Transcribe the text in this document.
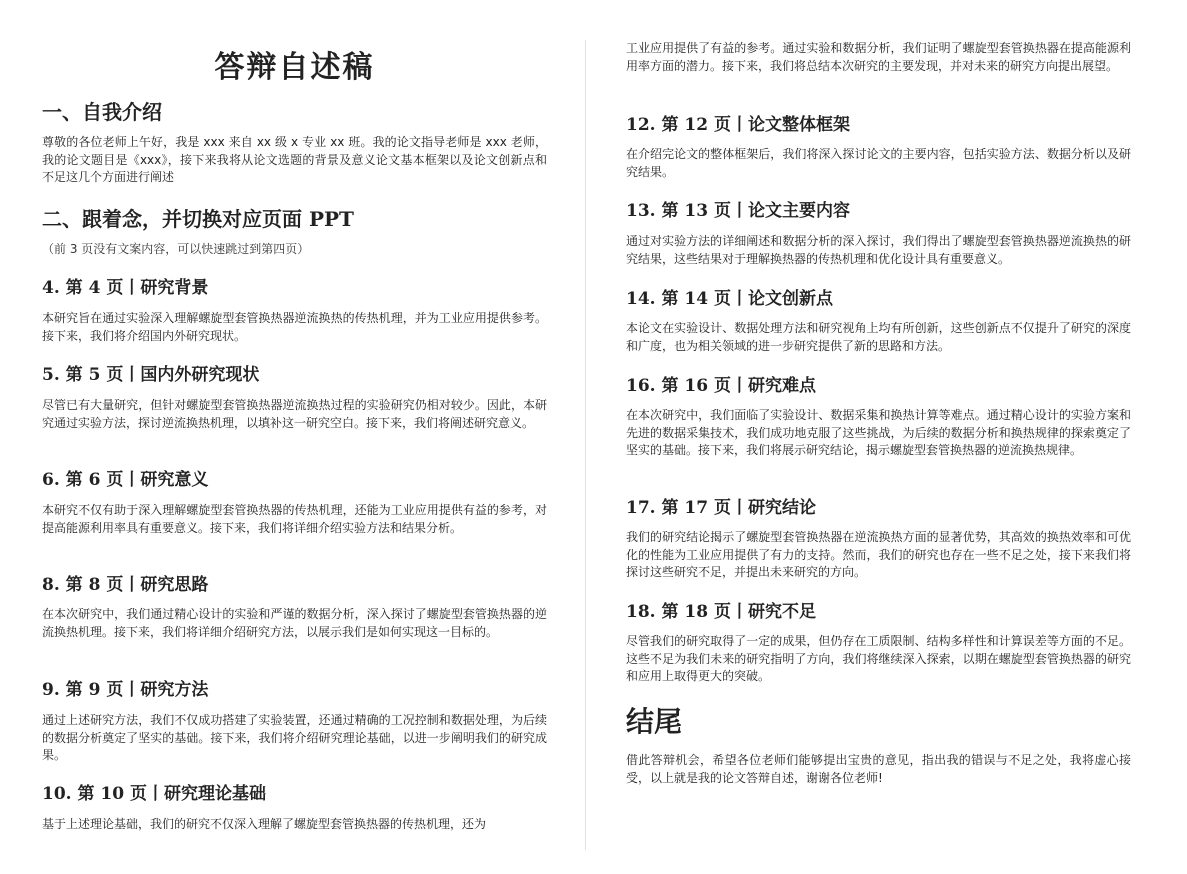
答辩自述稿
一、自我介绍
尊敬的各位老师上午好，我是 xxx 来自 xx 级 x 专业 xx 班。我的论文指导老师是 xxx 老师，我的论文题目是《xxx》，接下来我将从论文选题的背景及意义论文基本框架以及论文创新点和不足这几个方面进行阐述
二、跟着念，并切换对应页面 PPT
（前 3 页没有文案内容，可以快速跳过到第四页）
4. 第 4 页丨研究背景
本研究旨在通过实验深入理解螺旋型套管换热器逆流换热的传热机理，并为工业应用提供参考。接下来，我们将介绍国内外研究现状。
5. 第 5 页丨国内外研究现状
尽管已有大量研究，但针对螺旋型套管换热器逆流换热过程的实验研究仍相对较少。因此，本研究通过实验方法，探讨逆流换热机理，以填补这一研究空白。接下来，我们将阐述研究意义。
6. 第 6 页丨研究意义
本研究不仅有助于深入理解螺旋型套管换热器的传热机理，还能为工业应用提供有益的参考，对提高能源利用率具有重要意义。接下来，我们将详细介绍实验方法和结果分析。
8. 第 8 页丨研究思路
在本次研究中，我们通过精心设计的实验和严谨的数据分析，深入探讨了螺旋型套管换热器的逆流换热机理。接下来，我们将详细介绍研究方法，以展示我们是如何实现这一目标的。
9. 第 9 页丨研究方法
通过上述研究方法，我们不仅成功搭建了实验装置，还通过精确的工况控制和数据处理，为后续的数据分析奠定了坚实的基础。接下来，我们将介绍研究理论基础，以进一步阐明我们的研究成果。
10. 第 10 页丨研究理论基础
基于上述理论基础，我们的研究不仅深入理解了螺旋型套管换热器的传热机理，还为
工业应用提供了有益的参考。通过实验和数据分析，我们证明了螺旋型套管换热器在提高能源利用率方面的潜力。接下来，我们将总结本次研究的主要发现，并对未来的研究方向提出展望。
12. 第 12 页丨论文整体框架
在介绍完论文的整体框架后，我们将深入探讨论文的主要内容，包括实验方法、数据分析以及研究结果。
13. 第 13 页丨论文主要内容
通过对实验方法的详细阐述和数据分析的深入探讨，我们得出了螺旋型套管换热器逆流换热的研究结果，这些结果对于理解换热器的传热机理和优化设计具有重要意义。
14. 第 14 页丨论文创新点
本论文在实验设计、数据处理方法和研究视角上均有所创新，这些创新点不仅提升了研究的深度和广度，也为相关领域的进一步研究提供了新的思路和方法。
16. 第 16 页丨研究难点
在本次研究中，我们面临了实验设计、数据采集和换热计算等难点。通过精心设计的实验方案和先进的数据采集技术，我们成功地克服了这些挑战，为后续的数据分析和换热规律的探索奠定了坚实的基础。接下来，我们将展示研究结论，揭示螺旋型套管换热器的逆流换热规律。
17. 第 17 页丨研究结论
我们的研究结论揭示了螺旋型套管换热器在逆流换热方面的显著优势，其高效的换热效率和可优化的性能为工业应用提供了有力的支持。然而，我们的研究也存在一些不足之处，接下来我们将探讨这些研究不足，并提出未来研究的方向。
18. 第 18 页丨研究不足
尽管我们的研究取得了一定的成果，但仍存在工质限制、结构多样性和计算误差等方面的不足。这些不足为我们未来的研究指明了方向，我们将继续深入探索，以期在螺旋型套管换热器的研究和应用上取得更大的突破。
结尾
借此答辩机会，希望各位老师们能够提出宝贵的意见，指出我的错误与不足之处，我将虚心接受，以上就是我的论文答辩自述，谢谢各位老师!
